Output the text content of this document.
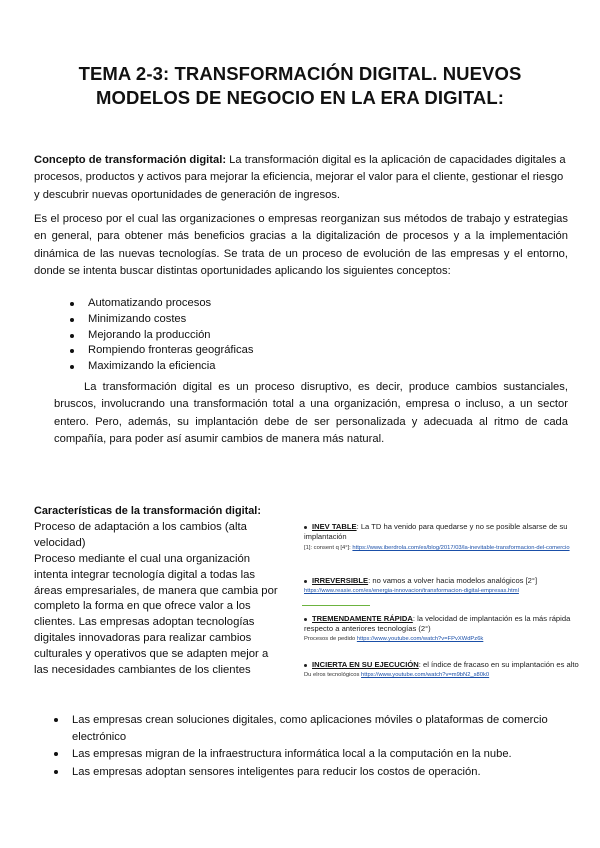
TEMA 2-3: TRANSFORMACIÓN DIGITAL. NUEVOS
MODELOS DE NEGOCIO EN LA ERA DIGITAL:
Concepto de transformación digital: La transformación digital es la aplicación de capacidades digitales a procesos, productos y activos para mejorar la eficiencia, mejorar el valor para el cliente, gestionar el riesgo y descubrir nuevas oportunidades de generación de ingresos.
Es el proceso por el cual las organizaciones o empresas reorganizan sus métodos de trabajo y estrategias en general, para obtener más beneficios gracias a la digitalización de procesos y a la implementación dinámica de las nuevas tecnologías. Se trata de un proceso de evolución de las empresas y el entorno, donde se intenta buscar distintas oportunidades aplicando los siguientes conceptos:
Automatizando procesos
Minimizando costes
Mejorando la producción
Rompiendo fronteras geográficas
Maximizando la eficiencia
La transformación digital es un proceso disruptivo, es decir, produce cambios sustanciales, bruscos, involucrando una transformación total a una organización, empresa o incluso, a un sector entero. Pero, además, su implantación debe de ser personalizada y adecuada al ritmo de cada compañía, para poder así asumir cambios de manera más natural.
Características de la transformación digital:
Proceso de adaptación a los cambios (alta velocidad)
Proceso mediante el cual una organización intenta integrar tecnología digital a todas las áreas empresariales, de manera que cambia por completo la forma en que ofrece valor a los clientes. Las empresas adoptan tecnologías digitales innovadoras para realizar cambios culturales y operativos que se adapten mejor a las necesidades cambiantes de los clientes
INEV TABLE: La TD ha venido para quedarse y no se posible alsarse de su implantación
[1]: consent q [4°]: https://www.iberdrola.com/es/blog/2017/03/la-inevitable-transformacion-del-comercio
IRREVERSIBLE: no vamos a volver hacia modelos analógicos [2°]
https://www.reasie.com/es/energia-innovacion/transformacion-digital-empresas.html
TREMENDAMENTE RÁPIDA: la velocidad de implantación es la más rápida respecto a anteriores tecnologías (2°)
Procesos de pedido https://www.youtube.com/watch?v=FPvXWdPz6k
INCIERTA EN SU EJECUCIÓN: el índice de fracaso en su implantación es alto
Du elros tecnológicos https://www.youtube.com/watch?v=m9bN2_s80k0
Las empresas crean soluciones digitales, como aplicaciones móviles o plataformas de comercio electrónico
Las empresas migran de la infraestructura informática local a la computación en la nube.
Las empresas adoptan sensores inteligentes para reducir los costos de operación.
